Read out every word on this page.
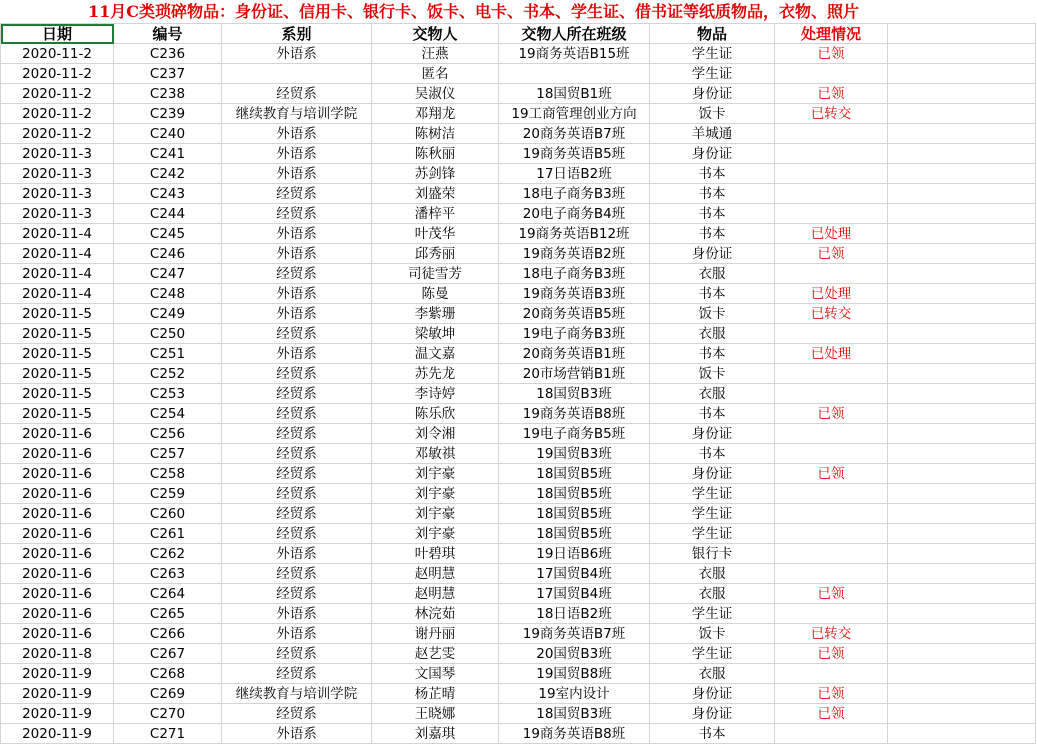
11月C类琐碎物品：身份证、信用卡、银行卡、饭卡、电卡、书本、学生证、借书证等纸质物品，衣物、照片
日期	编号	系别	交物人	交物人所在班级	物品	处理情况	
2020-11-2	C236	外语系	汪燕	19商务英语B15班	学生证	已领	
2020-11-2	C237		匿名		学生证		
2020-11-2	C238	经贸系	吴淑仪	18国贸B1班	身份证	已领	
2020-11-2	C239	继续教育与培训学院	邓翔龙	19工商管理创业方向	饭卡	已转交	
2020-11-2	C240	外语系	陈树洁	20商务英语B7班	羊城通		
2020-11-3	C241	外语系	陈秋丽	19商务英语B5班	身份证		
2020-11-3	C242	外语系	苏剑锋	17日语B2班	书本		
2020-11-3	C243	经贸系	刘盛荣	18电子商务B3班	书本		
2020-11-3	C244	经贸系	潘梓平	20电子商务B4班	书本		
2020-11-4	C245	外语系	叶茂华	19商务英语B12班	书本	已处理	
2020-11-4	C246	外语系	邱秀丽	19商务英语B2班	身份证	已领	
2020-11-4	C247	经贸系	司徒雪芳	18电子商务B3班	衣服		
2020-11-4	C248	外语系	陈曼	19商务英语B3班	书本	已处理	
2020-11-5	C249	外语系	李紫珊	20商务英语B5班	饭卡	已转交	
2020-11-5	C250	经贸系	梁敏坤	19电子商务B3班	衣服		
2020-11-5	C251	外语系	温文嘉	20商务英语B1班	书本	已处理	
2020-11-5	C252	经贸系	苏先龙	20市场营销B1班	饭卡		
2020-11-5	C253	经贸系	李诗婷	18国贸B3班	衣服		
2020-11-5	C254	经贸系	陈乐欣	19商务英语B8班	书本	已领	
2020-11-6	C256	经贸系	刘令湘	19电子商务B5班	身份证		
2020-11-6	C257	经贸系	邓敏祺	19国贸B3班	书本		
2020-11-6	C258	经贸系	刘宇豪	18国贸B5班	身份证	已领	
2020-11-6	C259	经贸系	刘宇豪	18国贸B5班	学生证		
2020-11-6	C260	经贸系	刘宇豪	18国贸B5班	学生证		
2020-11-6	C261	经贸系	刘宇豪	18国贸B5班	学生证		
2020-11-6	C262	外语系	叶碧琪	19日语B6班	银行卡		
2020-11-6	C263	经贸系	赵明慧	17国贸B4班	衣服		
2020-11-6	C264	经贸系	赵明慧	17国贸B4班	衣服	已领	
2020-11-6	C265	外语系	林浣茹	18日语B2班	学生证		
2020-11-6	C266	外语系	谢丹丽	19商务英语B7班	饭卡	已转交	
2020-11-8	C267	经贸系	赵艺雯	20国贸B3班	学生证	已领	
2020-11-9	C268	经贸系	文国琴	19国贸B8班	衣服		
2020-11-9	C269	继续教育与培训学院	杨芷晴	19室内设计	身份证	已领	
2020-11-9	C270	经贸系	王晓娜	18国贸B3班	身份证	已领	
2020-11-9	C271	外语系	刘嘉琪	19商务英语B8班	书本		
